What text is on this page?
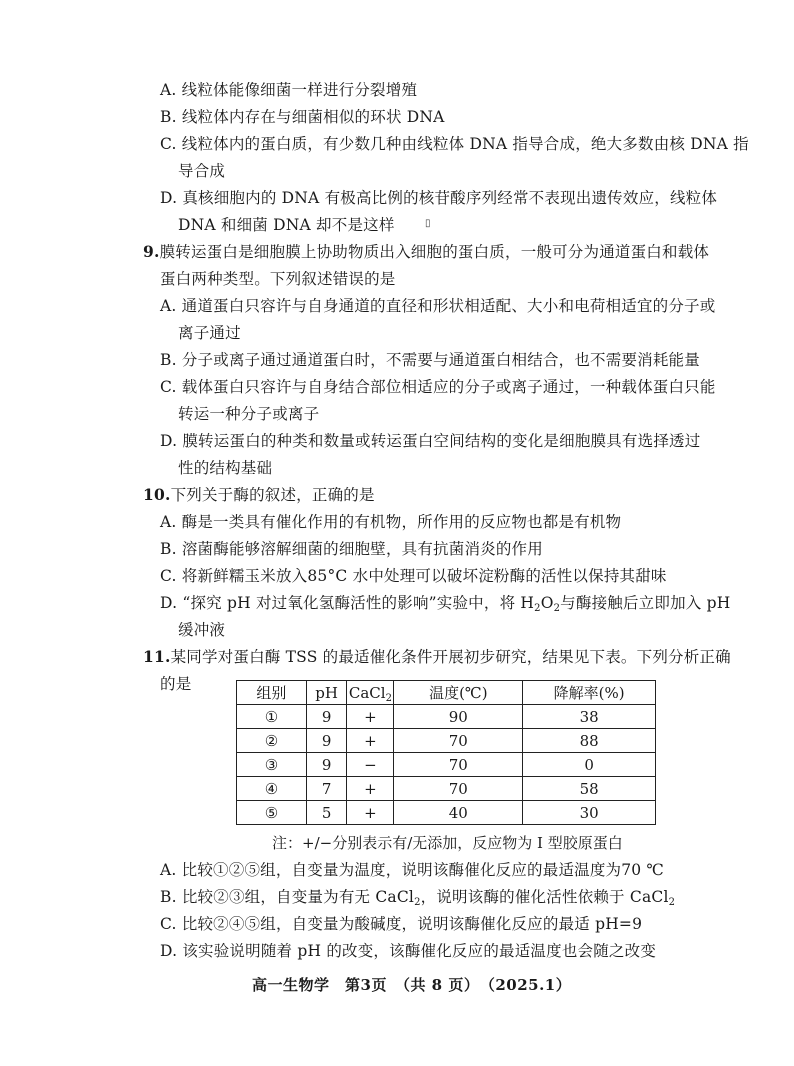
A. 线粒体能像细菌一样进行分裂增殖
B. 线粒体内存在与细菌相似的环状 DNA
C. 线粒体内的蛋白质，有少数几种由线粒体 DNA 指导合成，绝大多数由核 DNA 指
导合成
D. 真核细胞内的 DNA 有极高比例的核苷酸序列经常不表现出遗传效应，线粒体
DNA 和细菌 DNA 却不是这样	▯
9.膜转运蛋白是细胞膜上协助物质出入细胞的蛋白质，一般可分为通道蛋白和载体
蛋白两种类型。下列叙述错误的是
A. 通道蛋白只容许与自身通道的直径和形状相适配、大小和电荷相适宜的分子或
离子通过
B. 分子或离子通过通道蛋白时，不需要与通道蛋白相结合，也不需要消耗能量
C. 载体蛋白只容许与自身结合部位相适应的分子或离子通过，一种载体蛋白只能
转运一种分子或离子
D. 膜转运蛋白的种类和数量或转运蛋白空间结构的变化是细胞膜具有选择透过
性的结构基础
10.下列关于酶的叙述，正确的是
A. 酶是一类具有催化作用的有机物，所作用的反应物也都是有机物
B. 溶菌酶能够溶解细菌的细胞壁，具有抗菌消炎的作用
C. 将新鲜糯玉米放入85°C 水中处理可以破坏淀粉酶的活性以保持其甜味
D. “探究 pH 对过氧化氢酶活性的影响”实验中，将 $H_2O_2$与酶接触后立即加入 pH
缓冲液
11.某同学对蛋白酶 TSS 的最适催化条件开展初步研究，结果见下表。下列分析正确
的是	组别	pH	CaCl$_2$	温度(℃)	降解率(%)
①	9	+	90	38
②	9	+	70	88
③	9	−	70	0
④	7	+	70	58
⑤	5	+	40	30
注：+/−分别表示有/无添加，反应物为 Ⅰ 型胶原蛋白
A. 比较①②⑤组，自变量为温度，说明该酶催化反应的最适温度为70 ℃
B. 比较②③组，自变量为有无 CaCl$_2$，说明该酶的催化活性依赖于 CaCl$_2$
C. 比较②④⑤组，自变量为酸碱度，说明该酶催化反应的最适 pH=9
D. 该实验说明随着 pH 的改变，该酶催化反应的最适温度也会随之改变
高一生物学　第3页　（共 8 页）　（2025.1）
